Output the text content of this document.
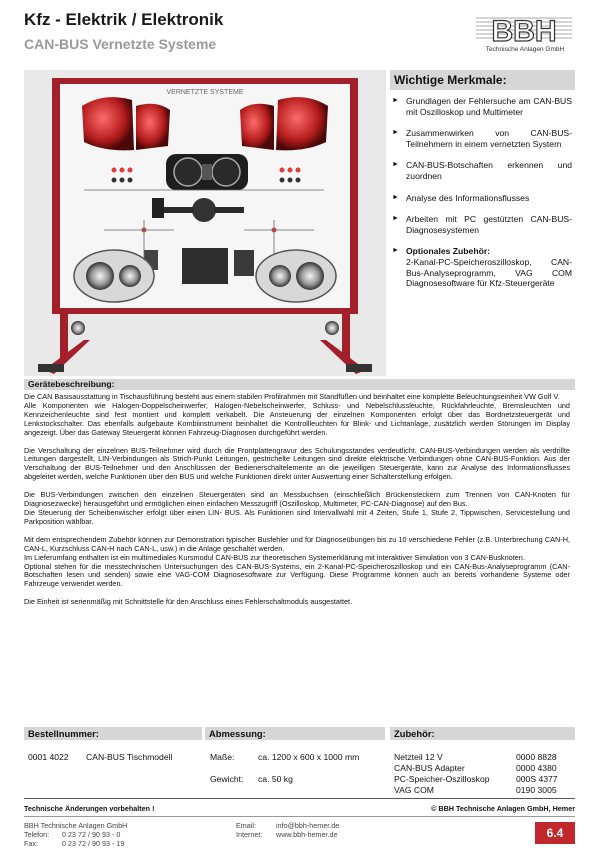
Kfz - Elektrik / Elektronik
CAN-BUS Vernetzte Systeme	BBH
Technische Anlagen GmbH
VERNETZTE SYSTEME
Wichtige Merkmale:
► Grundlagen der Fehlersuche am CAN-BUS mit Oszilloskop und Multimeter
► Zusammenwirken von CAN-BUS-Teilnehmern in einem vernetzten System
► CAN-BUS-Botschaften erkennen und zuordnen
► Analyse des Informationsflusses
► Arbeiten mit PC gestützten CAN-BUS-Diagnosesystemen
► Optionales Zubehör:
2-Kanal-PC-Speicheroszilloskop, CAN-Bus-Analyseprogramm, VAG COM Diagnosesoftware für Kfz-Steuergeräte
Gerätebeschreibung:

Die CAN Basisausstattung in Tischausführung besteht aus einem stabilen Profilrahmen mit Standfüßen und beinhaltet eine komplette Beleuchtungseinheit VW Golf V.
Alle Komponenten wie Halogen-Doppelscheinwerfer, Halogen-Nebelscheinwerfer, Schluss- und Nebelschlussleuchte, Rückfahrleuchte, Bremsleuchten und Kennzeichenleuchte sind fest montiert und komplett verkabelt. Die Ansteuerung der einzelnen Komponenten erfolgt über das Bordnetzsteuergerät und Lenkstockschalter. Das ebenfalls aufgebaute Kombiinstrument beinhaltet die Kontrollleuchten für Blink- und Lichtanlage, zusätzlich werden Störungen im Display angezeigt. Über das Gateway Steuergerät können Fahrzeug-Diagnosen durchgeführt werden.

Die Verschaltung der einzelnen BUS-Teilnehmer wird durch die Frontplattengravur des Schulungsstandes verdeutlicht. CAN-BUS-Verbindungen werden als verdrillte Leitungen dargestellt, LIN-Verbindungen als Strich-Punkt Leitungen, gestrichelte Leitungen sind direkte elektrische Verbindungen ohne CAN-BUS-Funktion. Aus der Verschaltung der BUS-Teilnehmer und den Anschlüssen der Bedienerschaltelemente an die jeweiligen Steuergeräte, kann zur Analyse des Informationsflusses abgeleitet werden, welche Funktionen über den BUS und welche Funktionen direkt unter Auswertung einer Schalterstellung erfolgen.

Die BUS-Verbindungen zwischen den einzelnen Steuergeräten sind an Messbuchsen (einschließlich Brückensteckern zum Trennen von CAN-Knoten für Diagnosezwecke) herausgeführt und ermöglichen einen einfachen Messzugriff (Oszilloskop, Multimeter, PC-CAN-Diagnose) auf den Bus.
Die Steuerung der Scheibenwischer erfolgt über einen LIN- BUS. Als Funktionen sind Intervallwahl mit 4 Zeiten, Stufe 1, Stufe 2, Tippwischen, Servicestellung und Parkposition wählbar.

Mit dem entsprechendem Zubehör können zur Demonstration typischer Busfehler und für Diagnoseübungen bis zu 10 verschiedene Fehler (z.B. Unterbrechung CAN-H, CAN-L, Kurzschluss CAN-H nach CAN-L, usw.) in die Anlage geschaltet werden.
Im Lieferumfang enthalten ist ein multimediales Kursmodul CAN-BUS zur theoretischen Systemerklärung mit interaktiver Simulation von 3 CAN-Busknoten.
Optional stehen für die messtechnischen Untersuchungen des CAN-BUS-Systems, ein 2-Kanal-PC-Speicheroszilloskop und ein CAN-Bus-Analyseprogramm (CAN-Botschaften lesen und senden) sowie eine VAG-COM Diagnosesoftware zur Verfügung. Diese Programme können auch an bereits vorhandene Systeme oder Fahrzeuge verwendet werden.

Die Einheit ist serienmäßig mit Schnittstelle für den Anschluss eines Fehlerschaltmoduls ausgestattet.

Bestellnummer:	Abmessung:	Zubehör:
0001 4022 CAN-BUS Tischmodell	Maße:	ca. 1200 x 600 x 1000 mm
Gewicht: ca. 50 kg
Netzteil 12 V	0000 8828
CAN-BUS Adapter	0000 4380
PC-Speicher-Oszilloskop	000S 4377
VAG COM	0190 3005
Technische Änderungen vorbehalten !	© BBH Technische Anlagen GmbH, Hemer
BBH Technische Anlagen GmbH
Telefon: 0 23 72 / 90 93 - 0
Fax:	0 23 72 / 90 93 - 19
Email:	info@bbh-hemer.de
Internet: www.bbh-hemer.de	6.4
